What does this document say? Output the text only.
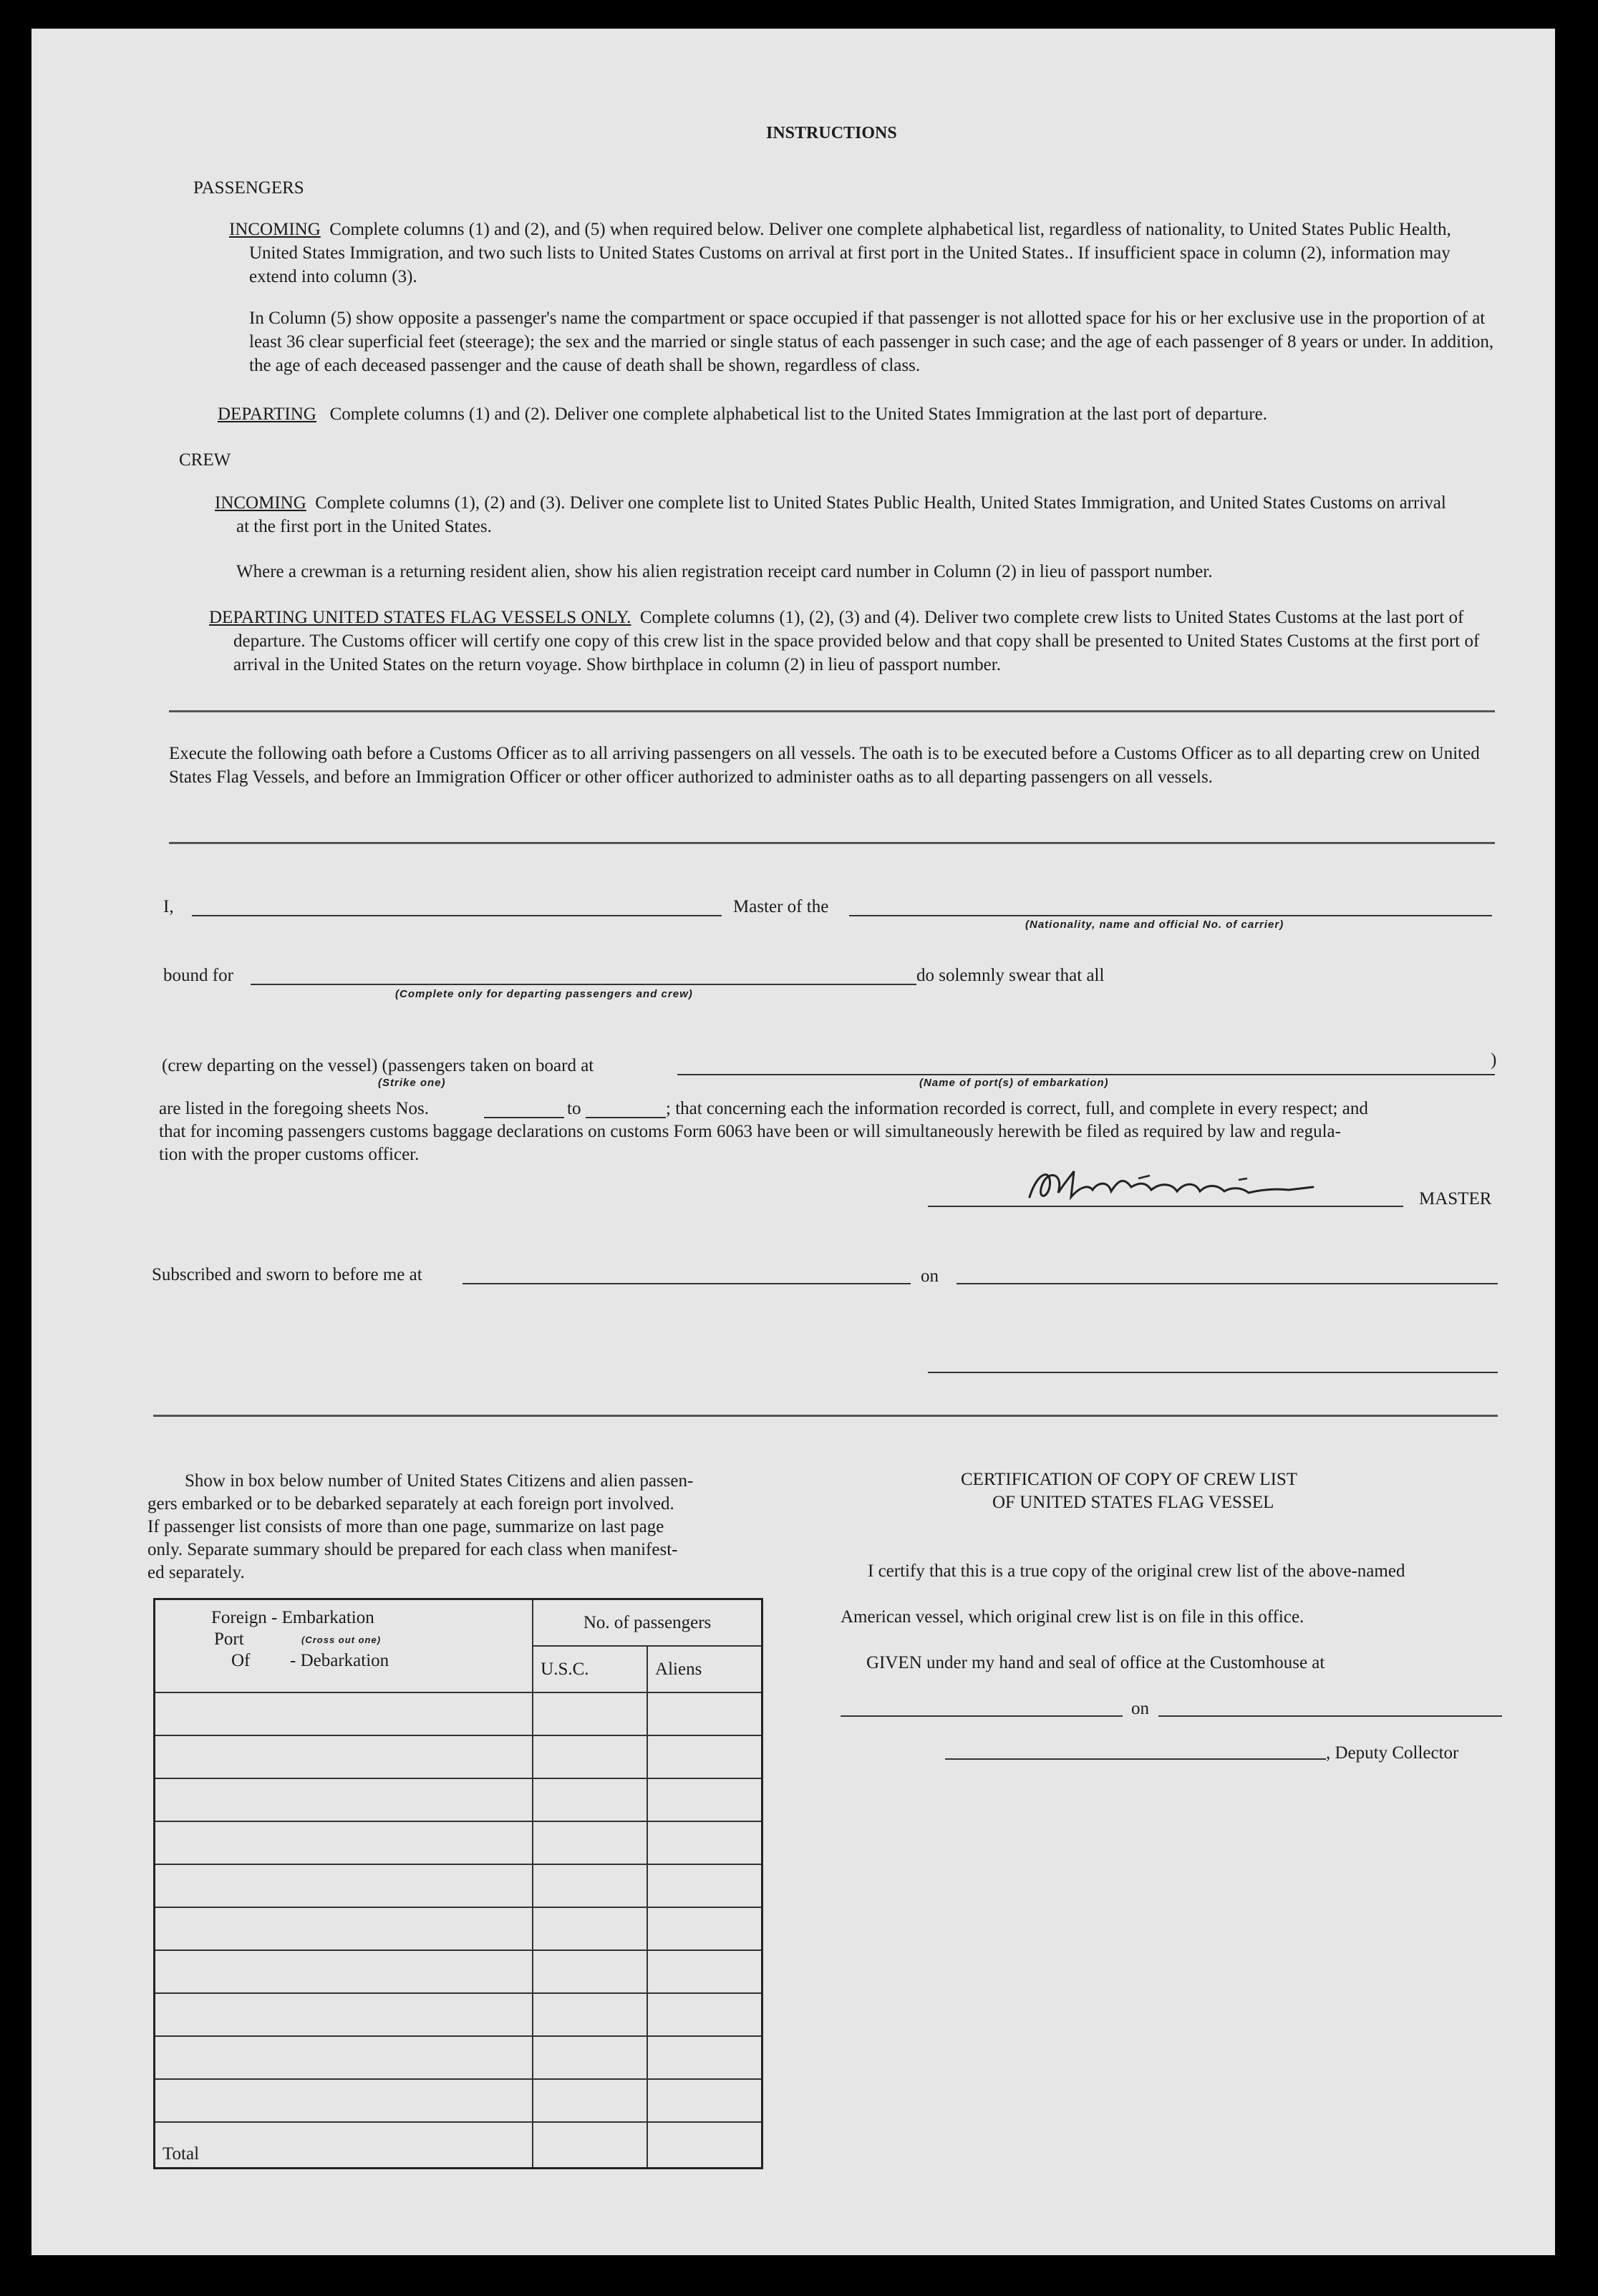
INSTRUCTIONS
PASSENGERS
INCOMING Complete columns (1) and (2), and (5) when required below. Deliver one complete alphabetical list, regardless of nationality, to United States Public Health, United States Immigration, and two such lists to United States Customs on arrival at first port in the United States.. If insufficient space in column (2), information may extend into column (3).
In Column (5) show opposite a passenger's name the compartment or space occupied if that passenger is not allotted space for his or her exclusive use in the proportion of at least 36 clear superficial feet (steerage); the sex and the married or single status of each passenger in such case; and the age of each passenger of 8 years or under. In addition, the age of each deceased passenger and the cause of death shall be shown, regardless of class.
DEPARTING Complete columns (1) and (2). Deliver one complete alphabetical list to the United States Immigration at the last port of departure.
CREW
INCOMING Complete columns (1), (2) and (3). Deliver one complete list to United States Public Health, United States Immigration, and United States Customs on arrival at the first port in the United States.
Where a crewman is a returning resident alien, show his alien registration receipt card number in Column (2) in lieu of passport number.
DEPARTING UNITED STATES FLAG VESSELS ONLY. Complete columns (1), (2), (3) and (4). Deliver two complete crew lists to United States Customs at the last port of departure. The Customs officer will certify one copy of this crew list in the space provided below and that copy shall be presented to United States Customs at the first port of arrival in the United States on the return voyage. Show birthplace in column (2) in lieu of passport number.
Execute the following oath before a Customs Officer as to all arriving passengers on all vessels. The oath is to be executed before a Customs Officer as to all departing crew on United States Flag Vessels, and before an Immigration Officer or other officer authorized to administer oaths as to all departing passengers on all vessels.
I,	Master of the
(Nationality, name and official No. of carrier)
bound for	do solemnly swear that all
(Complete only for departing passengers and crew)
(crew departing on the vessel) (passengers taken on board at	)
(Strike one)	(Name of port(s) of embarkation)
are listed in the foregoing sheets Nos.	to	; that concerning each the information recorded is correct, full, and complete in every respect; and
that for incoming passengers customs baggage declarations on customs Form 6063 have been or will simultaneously herewith be filed as required by law and regula-
tion with the proper customs officer.
MASTER
Subscribed and sworn to before me at	on
Show in box below number of United States Citizens and alien passen-
gers embarked or to be debarked separately at each foreign port involved.
If passenger list consists of more than one page, summarize on last page
only. Separate summary should be prepared for each class when manifest-
ed separately.
Foreign - Embarkation
Port (Cross out one)
Of - Debarkation	No. of passengers	
	U.S.C.	Aliens

Total		
CERTIFICATION OF COPY OF CREW LIST
OF UNITED STATES FLAG VESSEL
I certify that this is a true copy of the original crew list of the above-named
American vessel, which original crew list is on file in this office.
GIVEN under my hand and seal of office at the Customhouse at
on
, Deputy Collector
